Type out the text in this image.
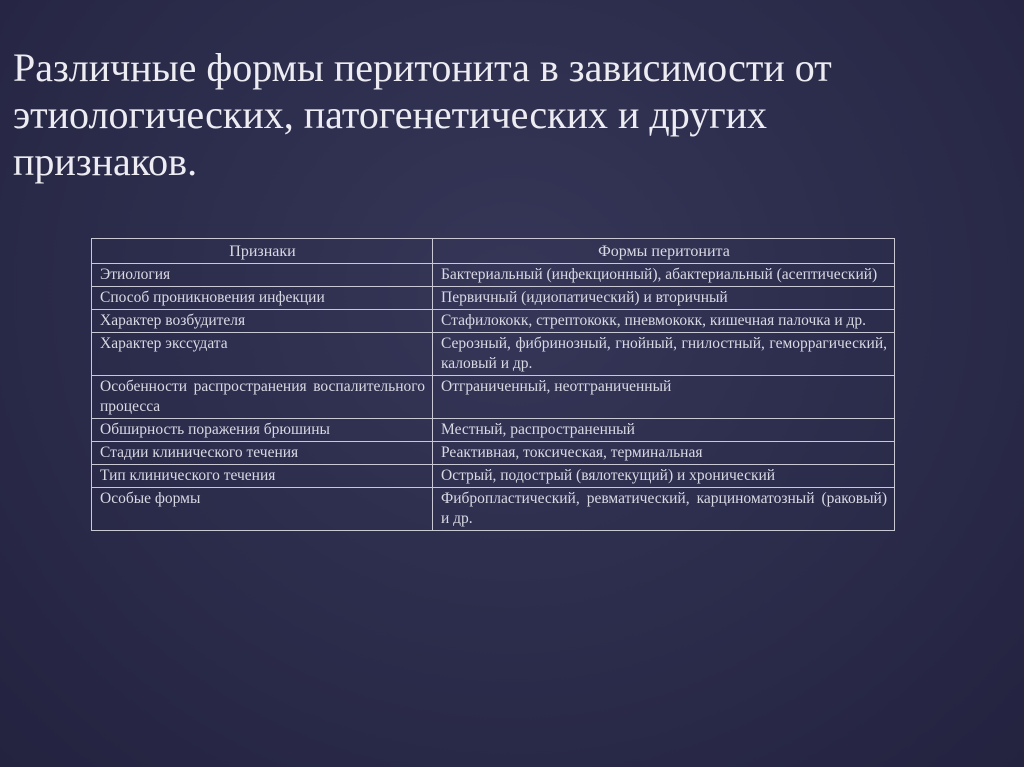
Различные формы перитонита в зависимости от
этиологических, патогенетических и других
признаков.
Признаки	Формы перитонита
Этиология	Бактериальный (инфекционный), абактериальный (асептический)
Способ проникновения инфекции	Первичный (идиопатический) и вторичный
Характер возбудителя	Стафилококк, стрептококк, пневмококк, кишечная палочка и др.
Характер экссудата	Серозный, фибринозный, гнойный, гнилостный, геморрагический, каловый и др.
Особенности распространения воспалительного процесса	Отграниченный, неотграниченный
Обширность поражения брюшины	Местный, распространенный
Стадии клинического течения	Реактивная, токсическая, терминальная
Тип клинического течения	Острый, подострый (вялотекущий) и хронический
Особые формы	Фибропластический, ревматический, карциноматозный (раковый) и др.
